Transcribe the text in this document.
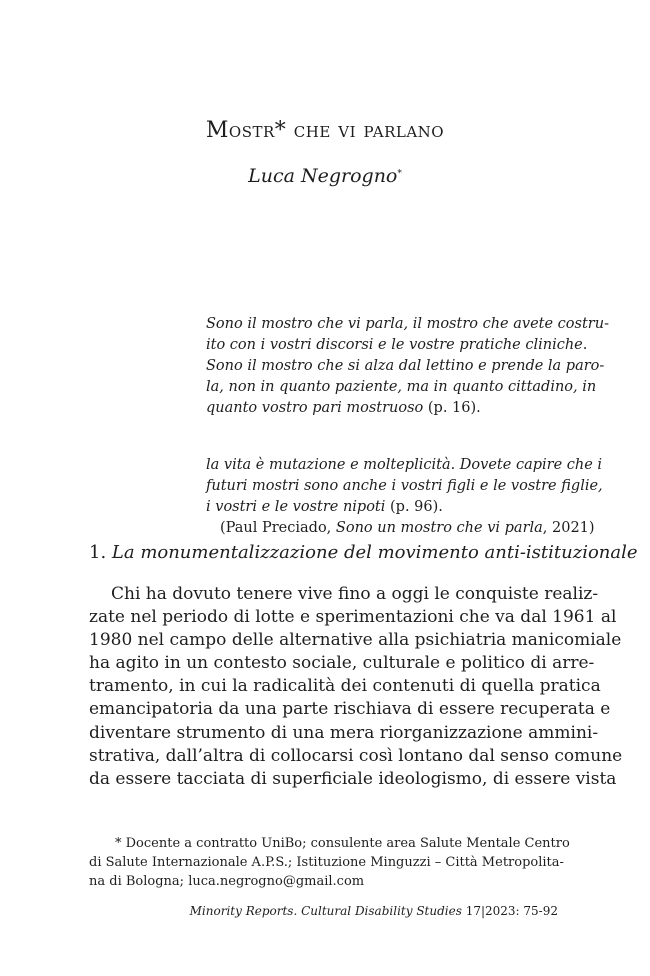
Mostr* che vi parlano
Luca Negrogno*
Sono il mostro che vi parla, il mostro che avete costru-
ito con i vostri discorsi e le vostre pratiche cliniche.
Sono il mostro che si alza dal lettino e prende la paro-
la, non in quanto paziente, ma in quanto cittadino, in
quanto vostro pari mostruoso (p. 16).
la vita è mutazione e molteplicità. Dovete capire che i
futuri mostri sono anche i vostri figli e le vostre figlie,
i vostri e le vostre nipoti (p. 96).
(Paul Preciado, Sono un mostro che vi parla, 2021)
1. La monumentalizzazione del movimento anti-istituzionale
Chi ha dovuto tenere vive fino a oggi le conquiste realiz-
zate nel periodo di lotte e sperimentazioni che va dal 1961 al
1980 nel campo delle alternative alla psichiatria manicomiale
ha agito in un contesto sociale, culturale e politico di arre-
tramento, in cui la radicalità dei contenuti di quella pratica
emancipatoria da una parte rischiava di essere recuperata e
diventare strumento di una mera riorganizzazione ammini-
strativa, dall’altra di collocarsi così lontano dal senso comune
da essere tacciata di superficiale ideologismo, di essere vista
* Docente a contratto UniBo; consulente area Salute Mentale Centro
di Salute Internazionale A.P.S.; Istituzione Minguzzi – Città Metropolita-
na di Bologna; luca.negrogno@gmail.com
Minority Reports. Cultural Disability Studies 17|2023: 75-92
